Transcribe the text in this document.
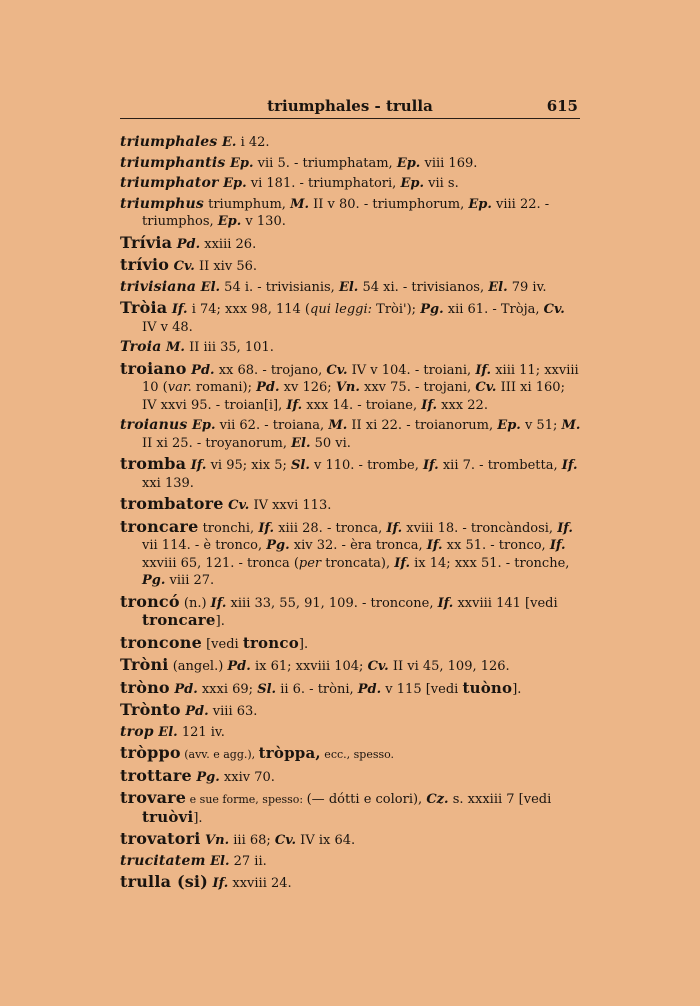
triumphales - trulla	615
triumphales E. i 42.
triumphantis Ep. vii 5. - triumphatam, Ep. viii 169.
triumphator Ep. vi 181. - triumphatori, Ep. vii s.
triumphus triumphum, M. II v 80. - triumphorum, Ep. viii 22. - triumphos, Ep. v 130.
Trívia Pd. xxiii 26.
trívio Cv. II xiv 56.
trivisiana El. 54 i. - trivisianis, El. 54 xi. - trivisianos, El. 79 iv.
Tròia If. i 74; xxx 98, 114 (qui leggi: Tròi'); Pg. xii 61. - Tròja, Cv. IV v 48.
Troia M. II iii 35, 101.
troiano Pd. xx 68. - trojano, Cv. IV v 104. - troiani, If. xiii 11; xxviii 10 (var. romani); Pd. xv 126; Vn. xxv 75. - trojani, Cv. III xi 160; IV xxvi 95. - troian[i], If. xxx 14. - troiane, If. xxx 22.
troianus Ep. vii 62. - troiana, M. II xi 22. - troianorum, Ep. v 51; M. II xi 25. - troyanorum, El. 50 vi.
tromba If. vi 95; xix 5; Sl. v 110. - trombe, If. xii 7. - trombetta, If. xxi 139.
trombatore Cv. IV xxvi 113.
troncare tronchi, If. xiii 28. - tronca, If. xviii 18. - troncàndosi, If. vii 114. - è tronco, Pg. xiv 32. - èra tronca, If. xx 51. - tronco, If. xxviii 65, 121. - tronca (per troncata), If. ix 14; xxx 51. - tronche, Pg. viii 27.
troncó (n.) If. xiii 33, 55, 91, 109. - troncone, If. xxviii 141 [vedi troncare].
troncone [vedi tronco].
Tròni (angel.) Pd. ix 61; xxviii 104; Cv. II vi 45, 109, 126.
tròno Pd. xxxi 69; Sl. ii 6. - tròni, Pd. v 115 [vedi tuòno].
Trònto Pd. viii 63.
trop El. 121 iv.
tròppo (avv. e agg.), tròppa, ecc., spesso.
trottare Pg. xxiv 70.
trovare e sue forme, spesso: (— dótti e colori), Cz. s. xxxiii 7 [vedi truòvi].
trovatori Vn. iii 68; Cv. IV ix 64.
trucitatem El. 27 ii.
trulla (si) If. xxviii 24.
